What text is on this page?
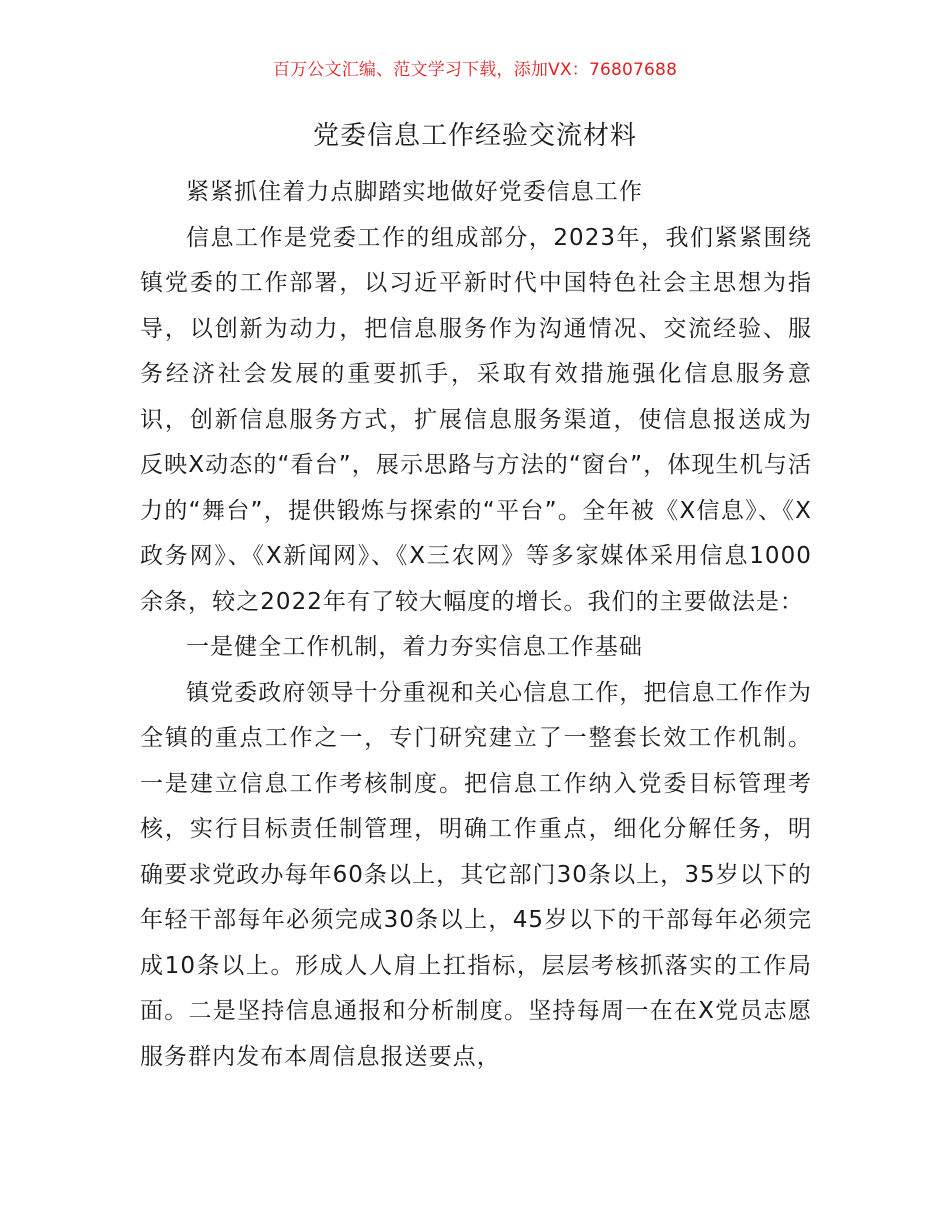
百万公文汇编、范文学习下载，添加VX：76807688
党委信息工作经验交流材料

紧紧抓住着力点脚踏实地做好党委信息工作

信息工作是党委工作的组成部分，2023年，我们紧紧围绕镇党委的工作部署，以习近平新时代中国特色社会主思想为指导，以创新为动力，把信息服务作为沟通情况、交流经验、服务经济社会发展的重要抓手，采取有效措施强化信息服务意识，创新信息服务方式，扩展信息服务渠道，使信息报送成为反映X动态的“看台”，展示思路与方法的“窗台”，体现生机与活力的“舞台”，提供锻炼与探索的“平台”。全年被《X信息》、《X政务网》、《X新闻网》、《X三农网》等多家媒体采用信息1000余条，较之2022年有了较大幅度的增长。我们的主要做法是：

一是健全工作机制，着力夯实信息工作基础

镇党委政府领导十分重视和关心信息工作，把信息工作作为全镇的重点工作之一，专门研究建立了一整套长效工作机制。一是建立信息工作考核制度。把信息工作纳入党委目标管理考核，实行目标责任制管理，明确工作重点，细化分解任务，明确要求党政办每年60条以上，其它部门30条以上，35岁以下的年轻干部每年必须完成30条以上，45岁以下的干部每年必须完成10条以上。形成人人肩上扛指标，层层考核抓落实的工作局面。二是坚持信息通报和分析制度。坚持每周一在在X党员志愿服务群内发布本周信息报送要点，
